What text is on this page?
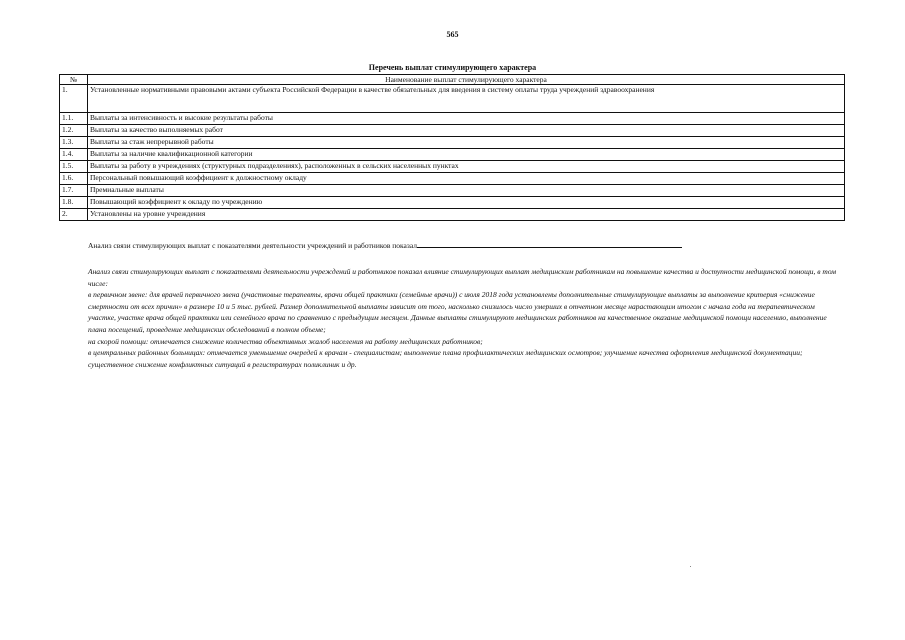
565
Перечень выплат стимулирующего характера
№	Наименование выплат стимулирующего характера
1.	Установленные нормативными правовыми актами субъекта Российской Федерации в качестве обязательных для введения в систему оплаты труда учреждений здравоохранения
1.1.	Выплаты за интенсивность и высокие результаты работы
1.2.	Выплаты за качество выполняемых работ
1.3.	Выплаты за стаж непрерывной работы
1.4.	Выплаты за наличие квалификационной категории
1.5.	Выплаты за работу в учреждениях (структурных подразделениях), расположенных в сельских населенных пунктах
1.6.	Персональный повышающий коэффициент к должностному окладу
1.7.	Премиальные выплаты
1.8.	Повышающий коэффициент к окладу по учреждению
2.	Установлены на уровне учреждения
Анализ связи стимулирующих выплат с показателями деятельности учреждений и работников показал

Анализ связи стимулирующих выплат с показателями деятельности учреждений и работников показал влияние стимулирующих выплат медицинским работникам на повышение качества и доступности медицинской помощи, в том числе:

в первичном звене: для врачей первичного звена (участковые терапевты, врачи общей практики (семейные врачи)) с июля 2018 года установлены дополнительные стимулирующие выплаты за выполнение критерия «снижение смертности от всех причин» в размере 10 и 5 тыс. рублей. Размер дополнительной выплаты зависит от того, насколько снизилось число умерших в отчетном месяце нарастающим итогом с начала года на терапевтическом участке, участке врача общей практики или семейного врача по сравнению с предыдущим месяцем. Данные выплаты стимулируют медицинских работников на качественное оказание медицинской помощи населению, выполнение плана посещений, проведение медицинских обследований в полном объеме;

на скорой помощи: отмечается снижение количества объективных жалоб населения на работу медицинских работников;

в центральных районных больницах: отмечается уменьшение очередей к врачам - специалистам; выполнение плана профилактических медицинских осмотров; улучшение качества оформления медицинской документации; существенное снижение конфликтных ситуаций в регистратурах поликлиник и др.
